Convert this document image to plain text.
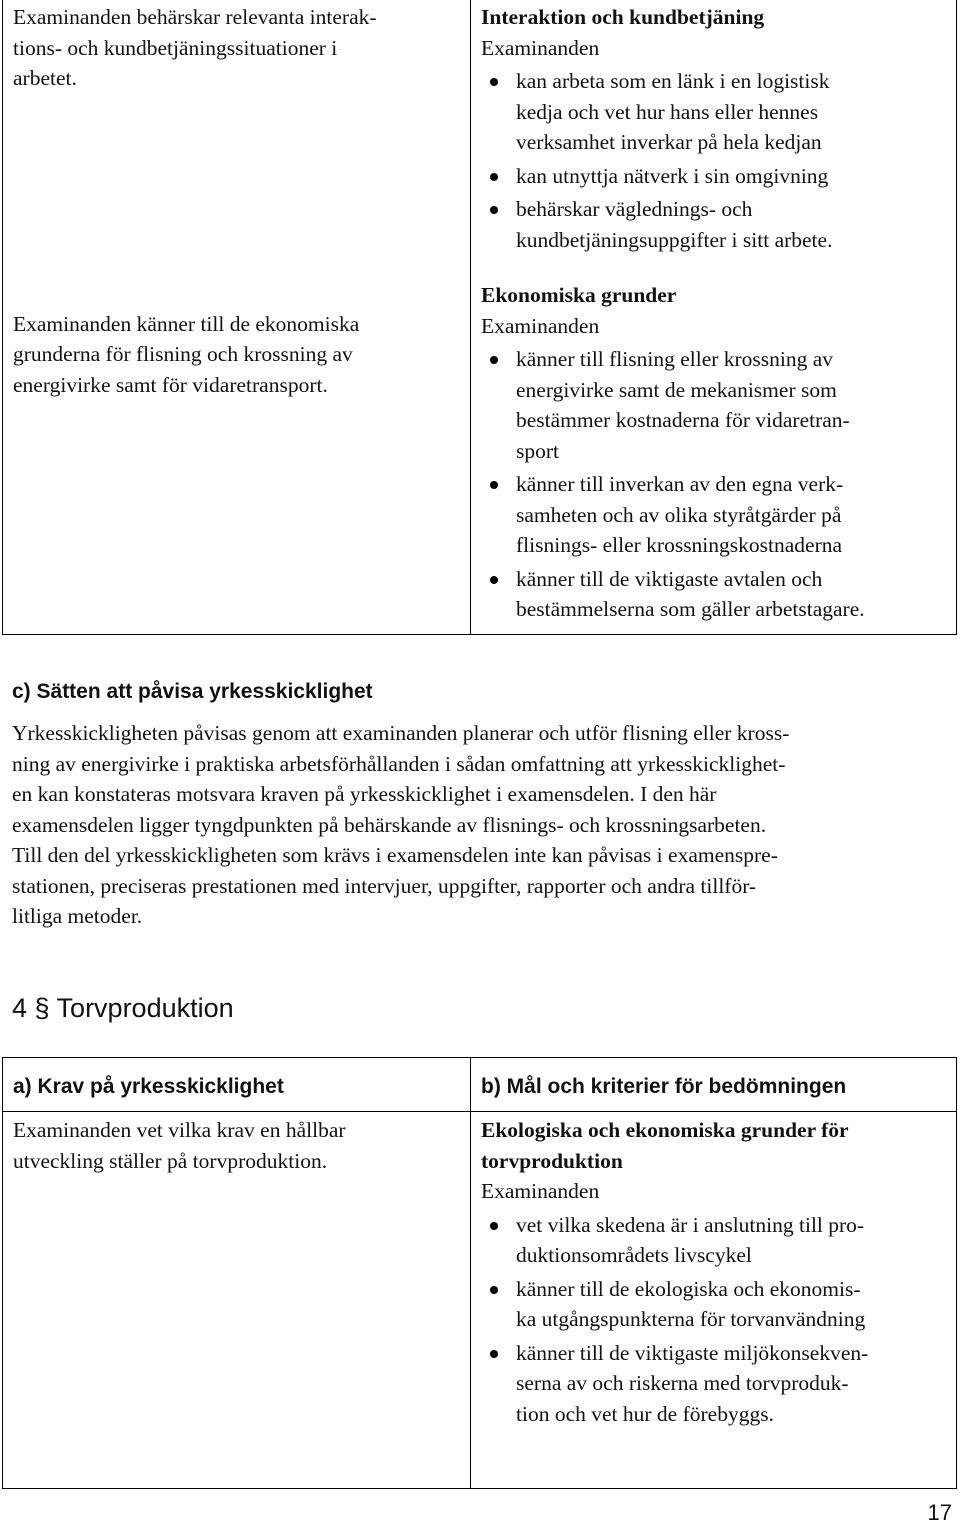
Examinanden behärskar relevanta interak-
tions- och kundbetjäningssituationer i
arbetet.
Examinanden känner till de ekonomiska
grunderna för flisning och krossning av
energivirke samt för vidaretransport.
Interaktion och kundbetjäning
Examinanden
kan arbeta som en länk i en logistisk
kedja och vet hur hans eller hennes
verksamhet inverkar på hela kedjan
kan utnyttja nätverk i sin omgivning
behärskar väglednings- och
kundbetjäningsuppgifter i sitt arbete.
Ekonomiska grunder
Examinanden
känner till flisning eller krossning av
energivirke samt de mekanismer som
bestämmer kostnaderna för vidaretran-
sport
känner till inverkan av den egna verk-
samheten och av olika styråtgärder på
flisnings- eller krossningskostnaderna
känner till de viktigaste avtalen och
bestämmelserna som gäller arbetstagare.
c) Sätten att påvisa yrkesskicklighet
Yrkesskickligheten påvisas genom att examinanden planerar och utför flisning eller kross-
ning av energivirke i praktiska arbetsförhållanden i sådan omfattning att yrkesskicklighet-
en kan konstateras motsvara kraven på yrkesskicklighet i examensdelen. I den här
examensdelen ligger tyngdpunkten på behärskande av flisnings- och krossningsarbeten.
Till den del yrkesskickligheten som krävs i examensdelen inte kan påvisas i examenspre-
stationen, preciseras prestationen med intervjuer, uppgifter, rapporter och andra tillför-
litliga metoder.
4 § Torvproduktion
a) Krav på yrkesskicklighet	b) Mål och kriterier för bedömningen
Examinanden vet vilka krav en hållbar
utveckling ställer på torvproduktion.
Ekologiska och ekonomiska grunder för
torvproduktion
Examinanden
vet vilka skedena är i anslutning till pro-
duktionsområdets livscykel
känner till de ekologiska och ekonomis-
ka utgångspunkterna för torvanvändning
känner till de viktigaste miljökonsekven-
serna av och riskerna med torvproduk-
tion och vet hur de förebyggs.
17
